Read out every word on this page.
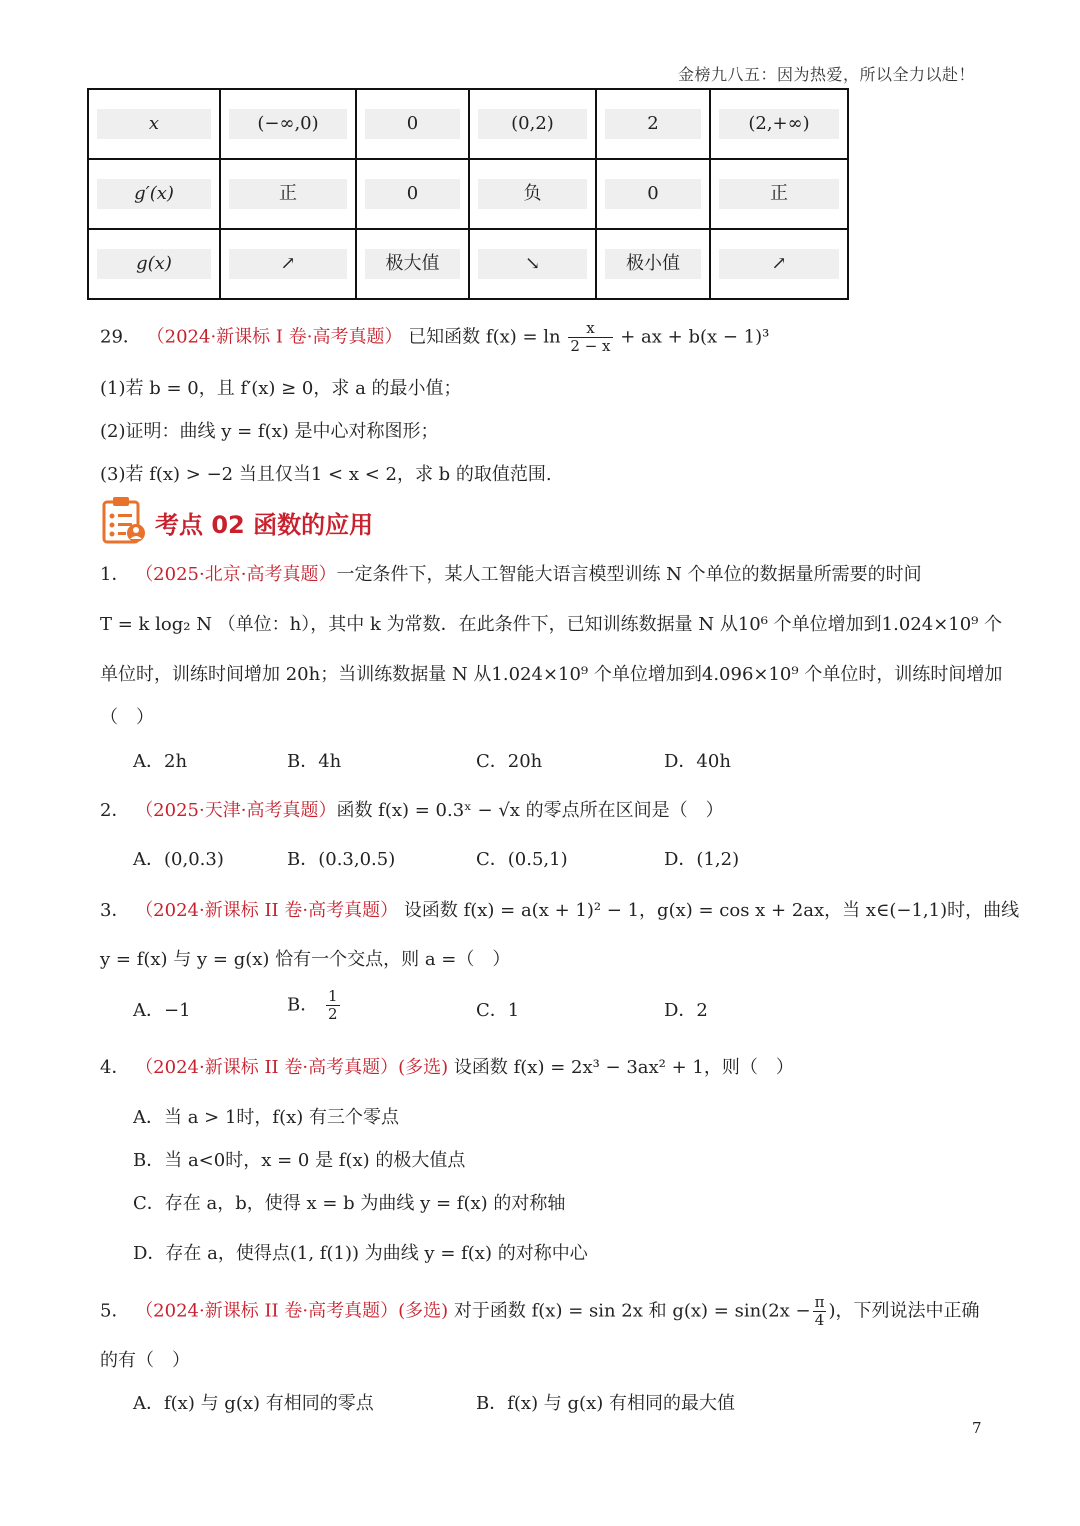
金榜九八五：因为热爱，所以全力以赴！
x	(−∞,0)	0	(0,2)	2	(2,+∞)

g′(x)	正	0	负	0	正

g(x)	↗	极大值	↘	极小值	↗
29． （2024·新课标 I 卷·高考真题） 已知函数 $f(x) = \ln \frac{x}{2 - x}$ + ax + b(x − 1)³
(1)若 b = 0，且 f′(x) ≥ 0，求 a 的最小值；
(2)证明：曲线 y = f(x) 是中心对称图形；
(3)若 f(x) > −2 当且仅当1 < x < 2，求 b 的取值范围.
考点 02 函数的应用
1． （2025·北京·高考真题）一定条件下，某人工智能大语言模型训练 N 个单位的数据量所需要的时间
T = k log₂ N （单位：h），其中 k 为常数．在此条件下，已知训练数据量 N 从10⁶ 个单位增加到1.024×10⁹ 个
单位时，训练时间增加 20h；当训练数据量 N 从1.024×10⁹ 个单位增加到4.096×10⁹ 个单位时，训练时间增加
（　）
A．2h	B．4h	C．20h	D．40h
2． （2025·天津·高考真题）函数 f(x) = 0.3ˣ − √x 的零点所在区间是（　）
A．(0,0.3)	B．(0.3,0.5)	C．(0.5,1)	D．(1,2)
3． （2024·新课标 II 卷·高考真题） 设函数 f(x) = a(x + 1)² − 1，g(x) = cos x + 2ax，当 x∈(−1,1)时，曲线
y = f(x) 与 y = g(x) 恰有一个交点，则 a =（　）
A．−1	B． $\frac{1}{2}$	C．1	D．2
4． （2024·新课标 II 卷·高考真题）(多选) 设函数 f(x) = 2x³ − 3ax² + 1，则（　）
A．当 a > 1时，f(x) 有三个零点
B．当 a<0时，x = 0 是 f(x) 的极大值点
C．存在 a，b，使得 x = b 为曲线 y = f(x) 的对称轴
D．存在 a，使得点(1, f(1)) 为曲线 y = f(x) 的对称中心
5． （2024·新课标 II 卷·高考真题）(多选) 对于函数 f(x) = sin 2x 和 $g(x) = \sin(2x - \frac{\pi}{4}$ )，下列说法中正确
的有（　）
A．f(x) 与 g(x) 有相同的零点	B．f(x) 与 g(x) 有相同的最大值
7
